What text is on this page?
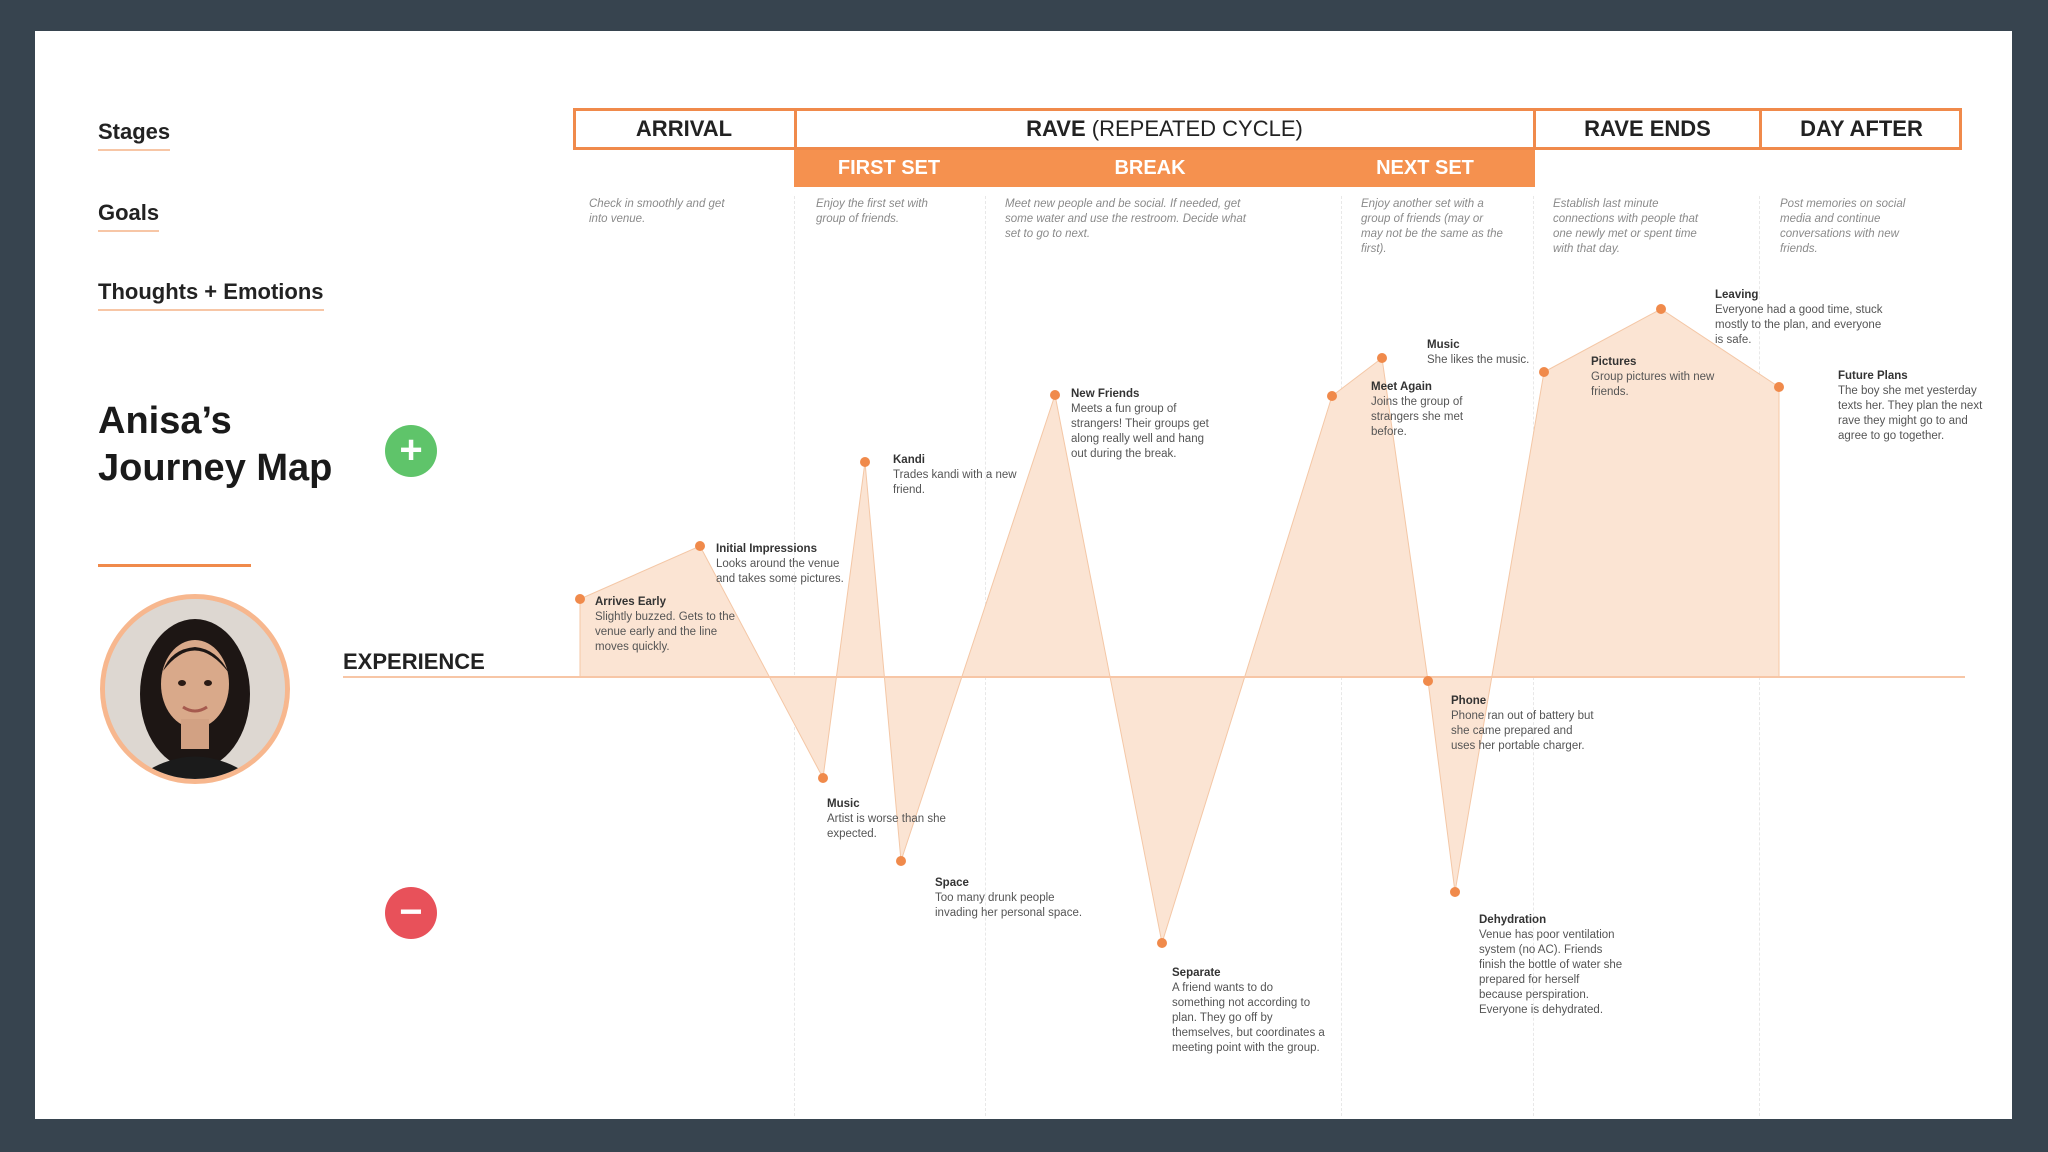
Stages
Goals
Thoughts + Emotions
Anisa’s Journey Map	+
−
EXPERIENCE
ARRIVAL	RAVE (REPEATED CYCLE)	RAVE ENDS	DAY AFTER
FIRST SET	BREAK	NEXT SET
Check in smoothly and get into venue.
Enjoy the first set with group of friends.
Meet new people and be social. If needed, get some water and use the restroom. Decide what set to go to next.
Enjoy another set with a group of friends (may or may not be the same as the first).
Establish last minute connections with people that one newly met or spent time with that day.
Post memories on social media and continue conversations with new friends.
Arrives Early
Slightly buzzed. Gets to the venue early and the line moves quickly.
Initial Impressions
Looks around the venue and takes some pictures.
Music
Artist is worse than she expected.
Kandi
Trades kandi with a new friend.
Space
Too many drunk people invading her personal space.
New Friends
Meets a fun group of strangers! Their groups get along really well and hang out during the break.
Separate
A friend wants to do something not according to plan. They go off by themselves, but coordinates a meeting point with the group.
Meet Again
Joins the group of strangers she met before.
Music
She likes the music.
Phone
Phone ran out of battery but she came prepared and uses her portable charger.
Dehydration
Venue has poor ventilation system (no AC). Friends finish the bottle of water she prepared for herself because perspiration. Everyone is dehydrated.
Pictures
Group pictures with new friends.
Leaving
Everyone had a good time, stuck mostly to the plan, and everyone is safe.
Future Plans
The boy she met yesterday texts her. They plan the next rave they might go to and agree to go together.
